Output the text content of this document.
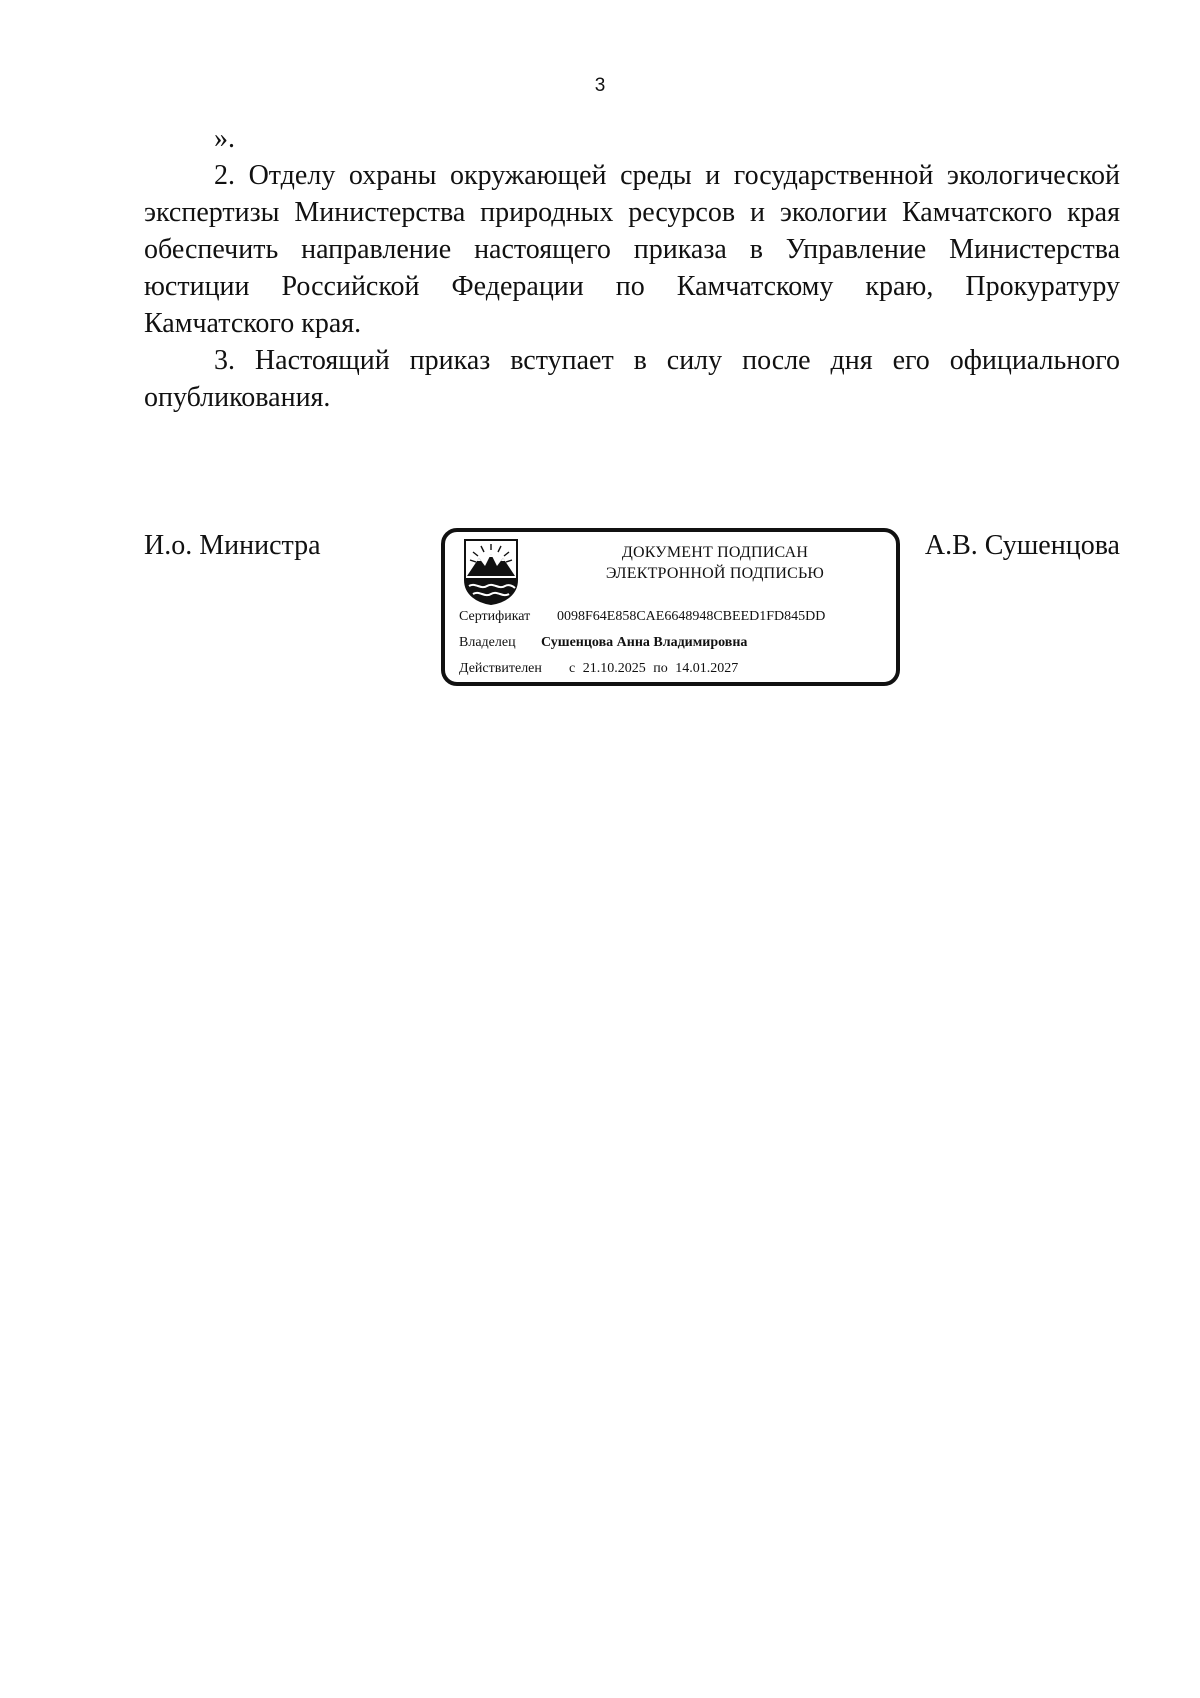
3

».

2. Отделу охраны окружающей среды и государственной экологической экспертизы Министерства природных ресурсов и экологии Камчатского края обеспечить направление настоящего приказа в Управление Министерства юстиции Российской Федерации по Камчатскому краю, Прокуратуру Камчатского края.

3. Настоящий приказ вступает в силу после дня его официального опубликования.

И.о. Министра	ДОКУМЕНТ ПОДПИСАН
ЭЛЕКТРОННОЙ ПОДПИСЬЮ
Сертификат 0098F64E858CAE6648948CBEED1FD845DD
Владелец Сушенцова Анна Владимировна
Действителен с 21.10.2025 по 14.01.2027
А.В. Сушенцова
